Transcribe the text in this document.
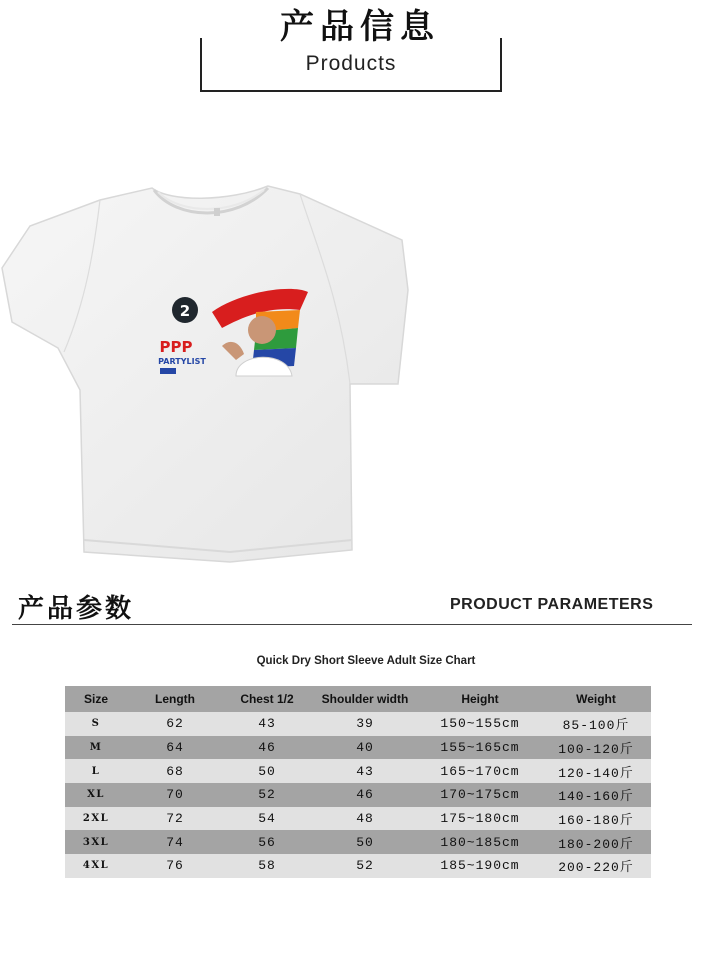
产品信息
Products
2
PPP
PARTYLIST
产品参数	PRODUCT PARAMETERS
Quick Dry Short Sleeve Adult Size Chart
Size	Length	Chest 1/2	Shoulder width	Height	Weight
S	62	43	39	150~155cm	85-100斤
M	64	46	40	155~165cm	100-120斤
L	68	50	43	165~170cm	120-140斤
XL	70	52	46	170~175cm	140-160斤
2XL	72	54	48	175~180cm	160-180斤
3XL	74	56	50	180~185cm	180-200斤
4XL	76	58	52	185~190cm	200-220斤
